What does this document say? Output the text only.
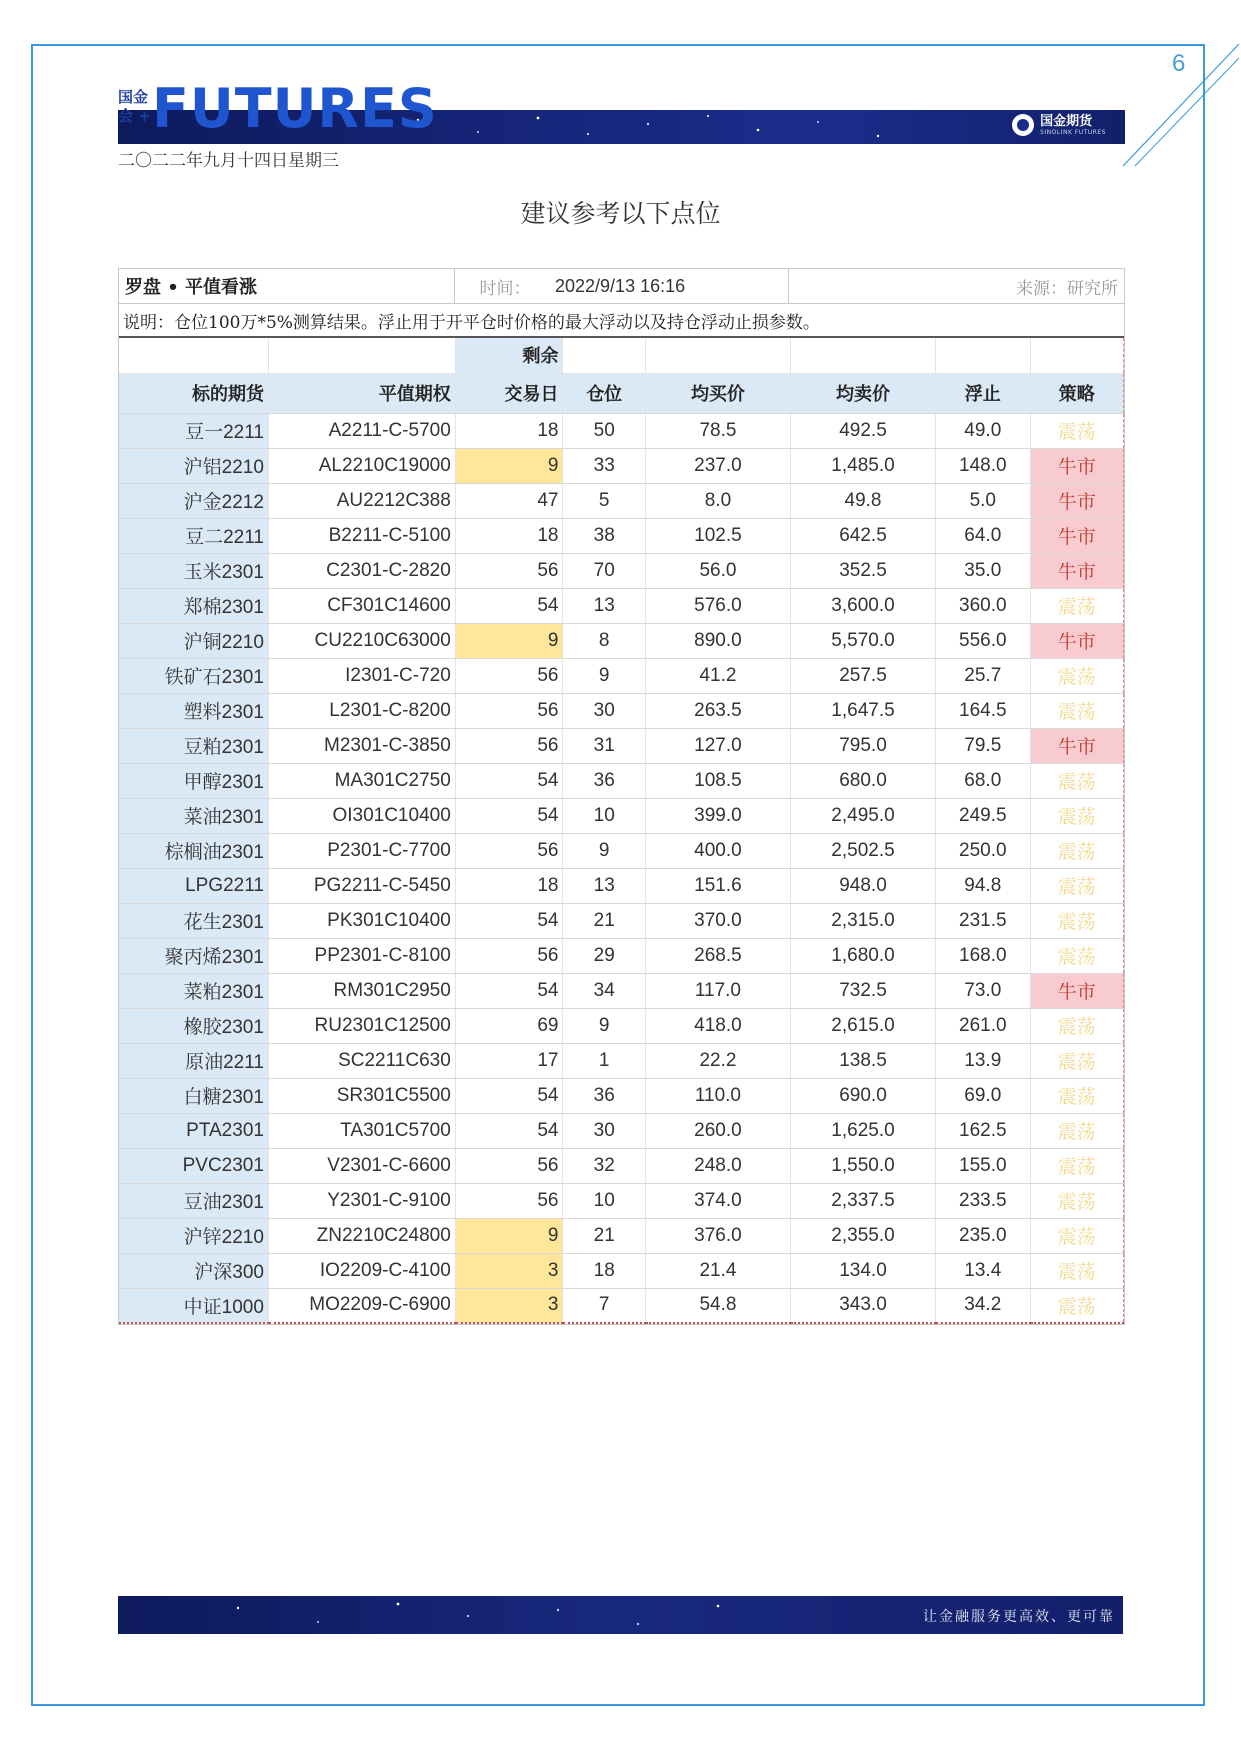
6
国金
会 + FUTURES	国金期货
SINOLINK FUTURES
二〇二二年九月十四日星期三
建议参考以下点位
罗盘 • 平值看涨	时间：	2022/9/13 16:16	来源：研究所
说明：仓位100万*5%测算结果。浮止用于开平仓时价格的最大浮动以及持仓浮动止损参数。
		剩余					
标的期货	平值期权	交易日	仓位	均买价	均卖价	浮止	策略
豆一2211	A2211-C-5700	18	50	78.5	492.5	49.0	震荡
沪铝2210	AL2210C19000	9	33	237.0	1,485.0	148.0	牛市
沪金2212	AU2212C388	47	5	8.0	49.8	5.0	牛市
豆二2211	B2211-C-5100	18	38	102.5	642.5	64.0	牛市
玉米2301	C2301-C-2820	56	70	56.0	352.5	35.0	牛市
郑棉2301	CF301C14600	54	13	576.0	3,600.0	360.0	震荡
沪铜2210	CU2210C63000	9	8	890.0	5,570.0	556.0	牛市
铁矿石2301	I2301-C-720	56	9	41.2	257.5	25.7	震荡
塑料2301	L2301-C-8200	56	30	263.5	1,647.5	164.5	震荡
豆粕2301	M2301-C-3850	56	31	127.0	795.0	79.5	牛市
甲醇2301	MA301C2750	54	36	108.5	680.0	68.0	震荡
菜油2301	OI301C10400	54	10	399.0	2,495.0	249.5	震荡
棕榈油2301	P2301-C-7700	56	9	400.0	2,502.5	250.0	震荡
LPG2211	PG2211-C-5450	18	13	151.6	948.0	94.8	震荡
花生2301	PK301C10400	54	21	370.0	2,315.0	231.5	震荡
聚丙烯2301	PP2301-C-8100	56	29	268.5	1,680.0	168.0	震荡
菜粕2301	RM301C2950	54	34	117.0	732.5	73.0	牛市
橡胶2301	RU2301C12500	69	9	418.0	2,615.0	261.0	震荡
原油2211	SC2211C630	17	1	22.2	138.5	13.9	震荡
白糖2301	SR301C5500	54	36	110.0	690.0	69.0	震荡
PTA2301	TA301C5700	54	30	260.0	1,625.0	162.5	震荡
PVC2301	V2301-C-6600	56	32	248.0	1,550.0	155.0	震荡
豆油2301	Y2301-C-9100	56	10	374.0	2,337.5	233.5	震荡
沪锌2210	ZN2210C24800	9	21	376.0	2,355.0	235.0	震荡
沪深300	IO2209-C-4100	3	18	21.4	134.0	13.4	震荡
中证1000	MO2209-C-6900	3	7	54.8	343.0	34.2	震荡
让金融服务更高效、更可靠
